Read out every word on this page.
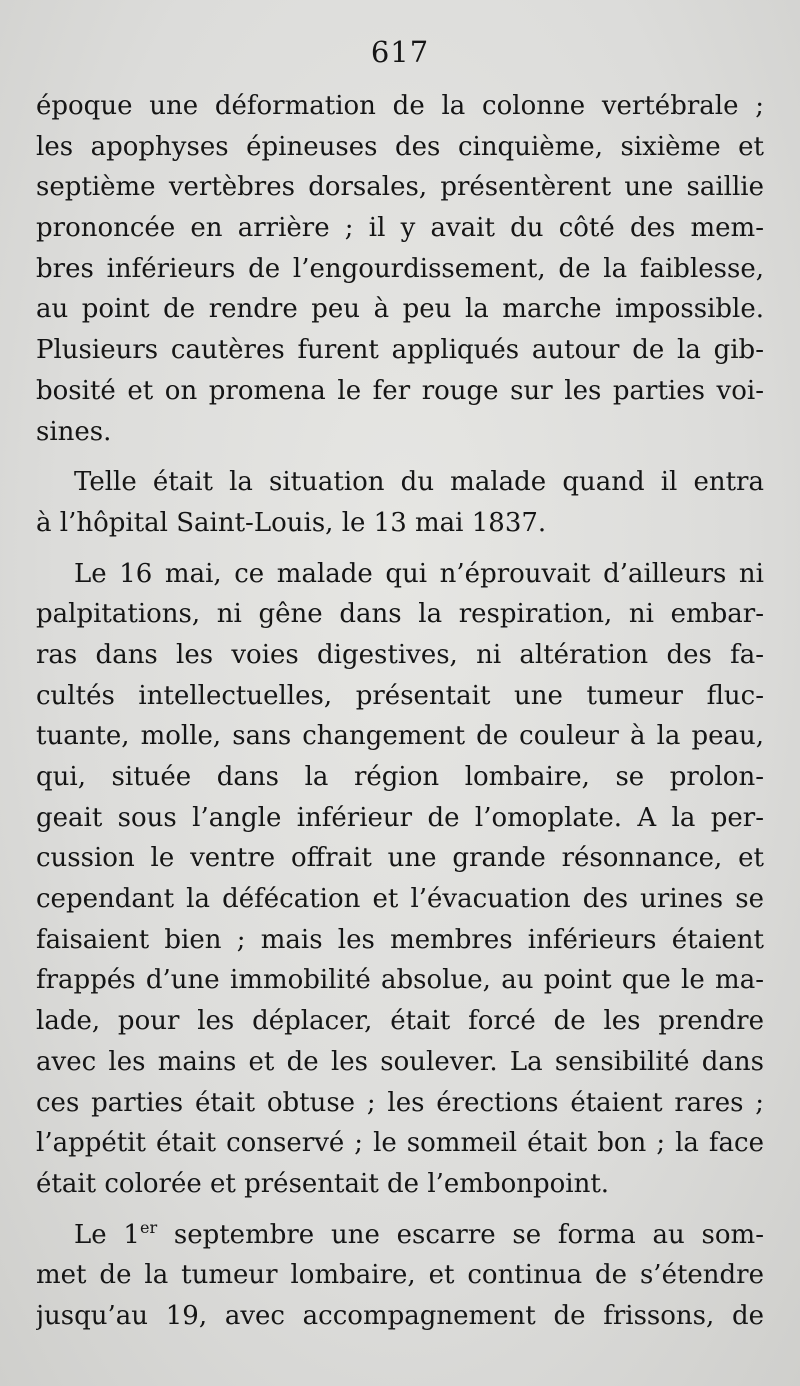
617
époque une déformation de la colonne vertébrale ;
les apophyses épineuses des cinquième, sixième et
septième vertèbres dorsales, présentèrent une saillie
prononcée en arrière ; il y avait du côté des mem-
bres inférieurs de l’engourdissement, de la faiblesse,
au point de rendre peu à peu la marche impossible.
Plusieurs cautères furent appliqués autour de la gib-
bosité et on promena le fer rouge sur les parties voi-
sines.
Telle était la situation du malade quand il entra
à l’hôpital Saint-Louis, le 13 mai 1837.
Le 16 mai, ce malade qui n’éprouvait d’ailleurs ni
palpitations, ni gêne dans la respiration, ni embar-
ras dans les voies digestives, ni altération des fa-
cultés intellectuelles, présentait une tumeur fluc-
tuante, molle, sans changement de couleur à la peau,
qui, située dans la région lombaire, se prolon-
geait sous l’angle inférieur de l’omoplate. A la per-
cussion le ventre offrait une grande résonnance, et
cependant la défécation et l’évacuation des urines se
faisaient bien ; mais les membres inférieurs étaient
frappés d’une immobilité absolue, au point que le ma-
lade, pour les déplacer, était forcé de les prendre
avec les mains et de les soulever. La sensibilité dans
ces parties était obtuse ; les érections étaient rares ;
l’appétit était conservé ; le sommeil était bon ; la face
était colorée et présentait de l’embonpoint.
Le 1er septembre une escarre se forma au som-
met de la tumeur lombaire, et continua de s’étendre
jusqu’au 19, avec accompagnement de frissons, de
